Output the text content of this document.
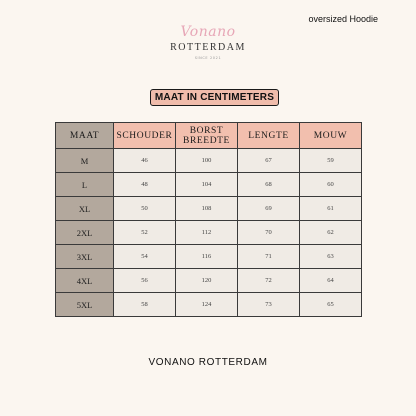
Vonano
ROTTERDAM
SINCE 2021
oversized Hoodie
MAAT IN CENTIMETERS
MAAT	SCHOUDER	BORST BREEDTE	LENGTE	MOUW
M	46	100	67	59
L	48	104	68	60
XL	50	108	69	61
2XL	52	112	70	62
3XL	54	116	71	63
4XL	56	120	72	64
5XL	58	124	73	65
VONANO ROTTERDAM
